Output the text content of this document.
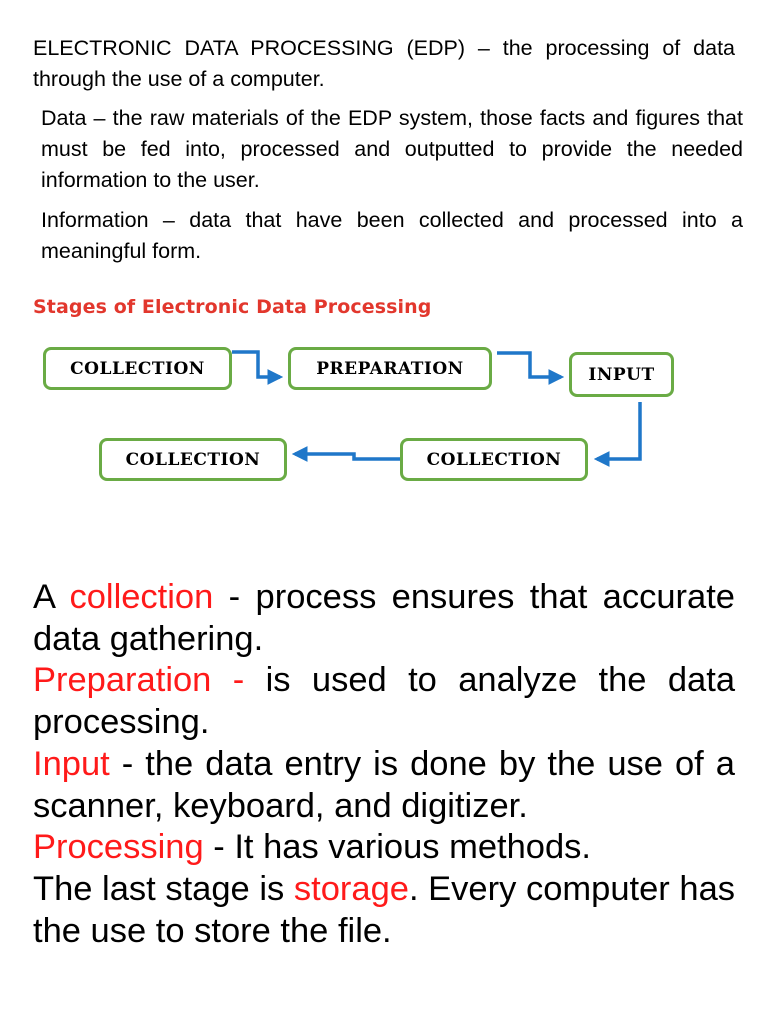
ELECTRONIC DATA PROCESSING (EDP) – the processing of data through the use of a computer.

Data – the raw materials of the EDP system, those facts and figures that must be fed into, processed and outputted to provide the needed information to the user.

Information – data that have been collected and processed into a meaningful form.

Stages of Electronic Data Processing
COLLECTION	PREPARATION	INPUT
COLLECTION
COLLECTION
A collection - process ensures that accurate data gathering.
Preparation - is used to analyze the data processing.
Input - the data entry is done by the use of a scanner, keyboard, and digitizer.
Processing - It has various methods.
The last stage is storage. Every computer has the use to store the file.
